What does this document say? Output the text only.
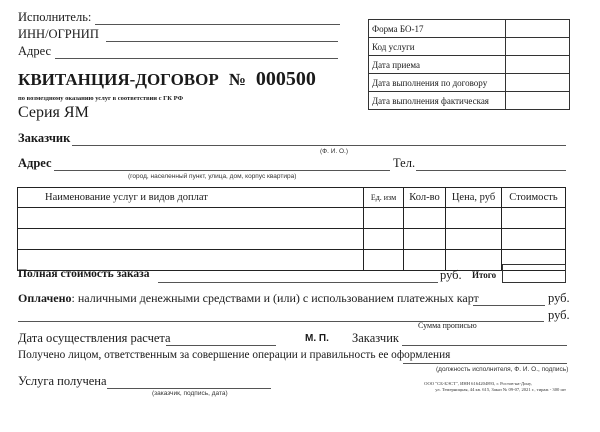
Исполнитель:
ИНН/ОГРНИП
Адрес
КВИТАНЦИЯ-ДОГОВОР № 000500
по возмездному оказанию услуг в соответствии с ГК РФ
Серия ЯМ
Форма БО-17	
Код услуги	
Дата приема	
Дата выполнения по договору	
Дата выполнения фактическая	
Заказчик
(Ф. И. О.)
Адрес
(город, населенный пункт, улица, дом, корпус квартира)
Тел.
Наименование услуг и видов доплат	Ед. изм	Кол-во	Цена, руб	Стоимость

Полная стоимость заказа	руб. Итого
Оплачено: наличными денежными средствами и (или) с использованием платежных карт	руб.
руб.
Сумма прописью
Дата осуществления расчета	М. П. Заказчик
Получено лицом, ответственным за совершение операции и правильность ее оформления
(должность исполнителя, Ф. И. О., подпись)
Услуга получена
(заказчик, подпись, дата)
ООО "СБ-БЭСТ", ИНН 6164204893, г. Ростов-на-Дону,
ул. Темерницкая, 44 кв. 615, Заказ № 09-07, 2021 г., тираж - 300 шт
